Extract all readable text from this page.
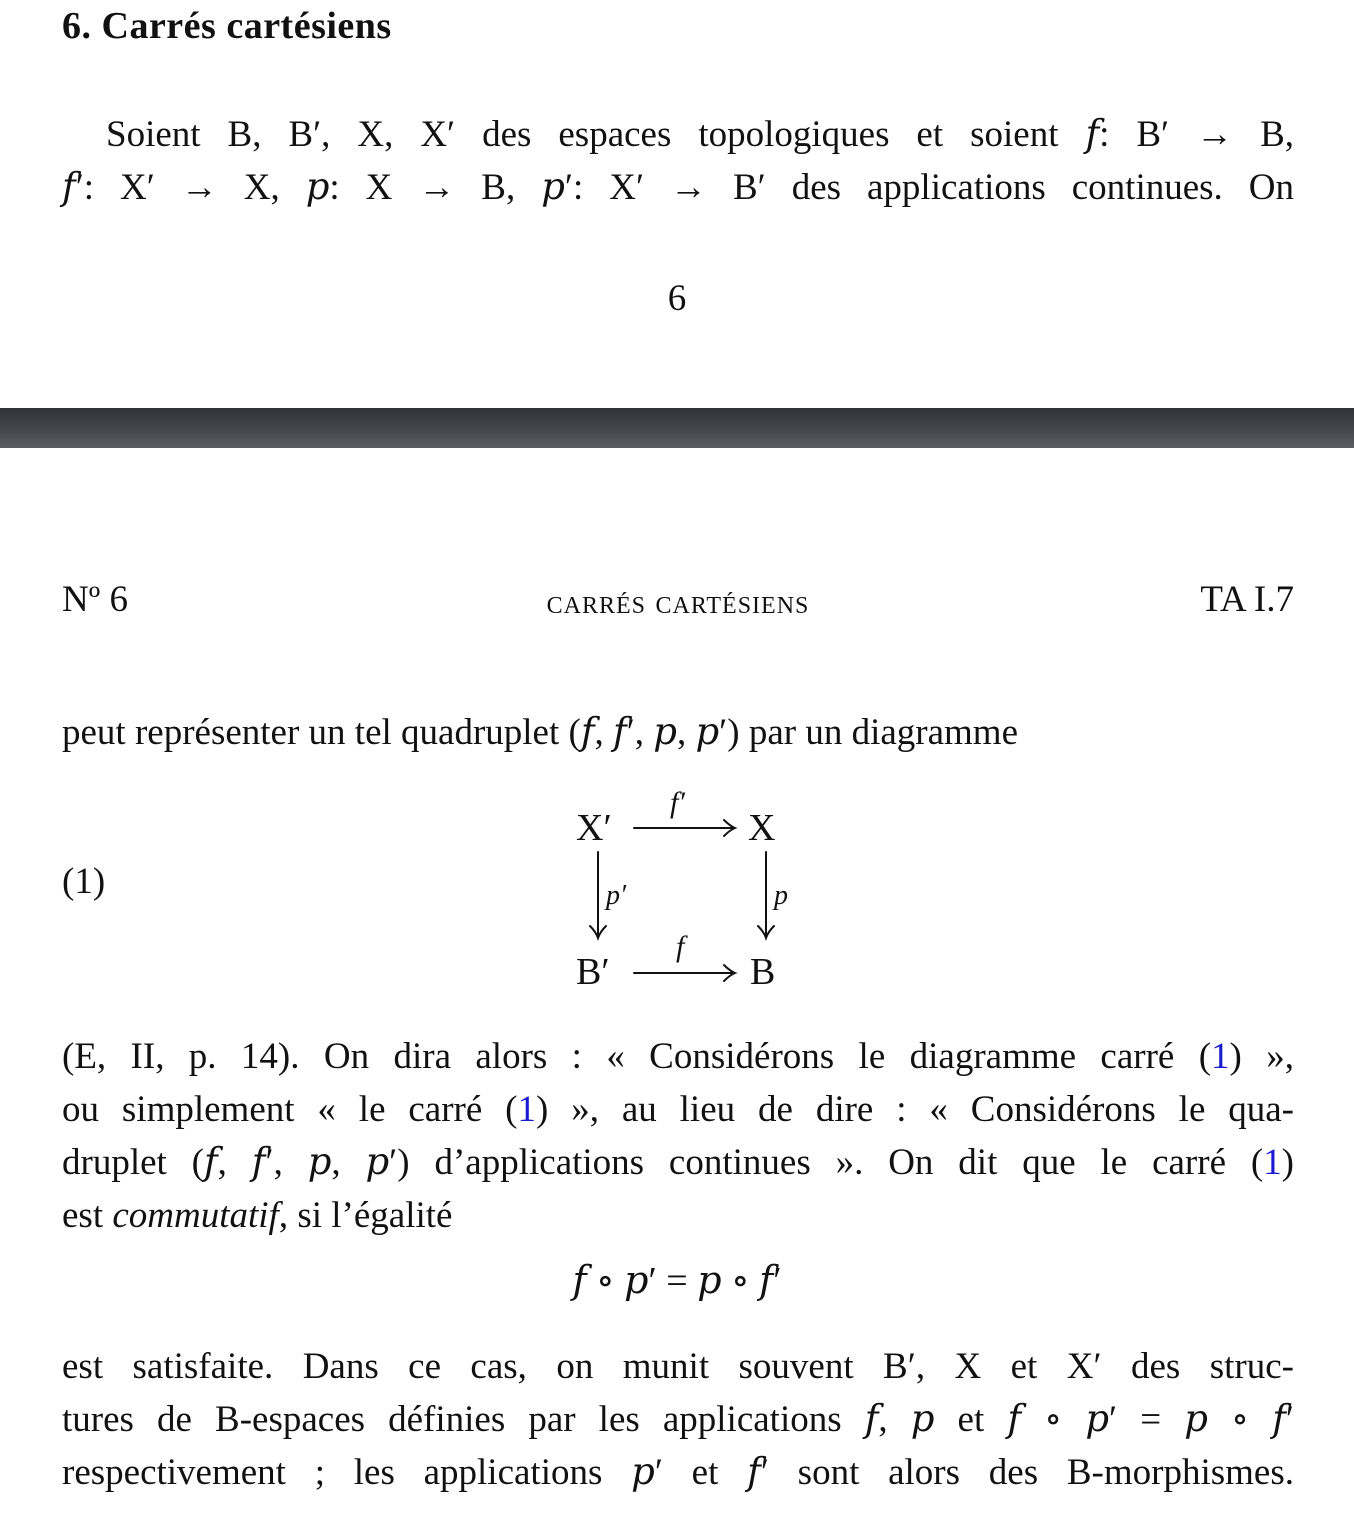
6. Carrés cartésiens
Soient B, B′, X, X′ des espaces topologiques et soient 𝑓: B′ → B,
𝑓′: X′ → X, 𝑝: X → B, 𝑝′: X′ → B′ des applications continues. On
6
Nº 6	carrés cartésiens	TA I.7
peut représenter un tel quadruplet (𝑓, 𝑓′, 𝑝, 𝑝′) par un diagramme
(1)
X′	X
B′	B
f′
f
p′	p
(E, II, p. 14). On dira alors : « Considérons le diagramme carré (1) »,
ou simplement « le carré (1) », au lieu de dire : « Considérons le qua-
druplet (𝑓, 𝑓′, 𝑝, 𝑝′) d’applications continues ». On dit que le carré (1)
est commutatif, si l’égalité
𝑓 ∘ 𝑝′ = 𝑝 ∘ 𝑓′
est satisfaite. Dans ce cas, on munit souvent B′, X et X′ des struc-
tures de B-espaces définies par les applications 𝑓, 𝑝 et 𝑓 ∘ 𝑝′ = 𝑝 ∘ 𝑓′
respectivement ; les applications 𝑝′ et 𝑓′ sont alors des B-morphismes.
